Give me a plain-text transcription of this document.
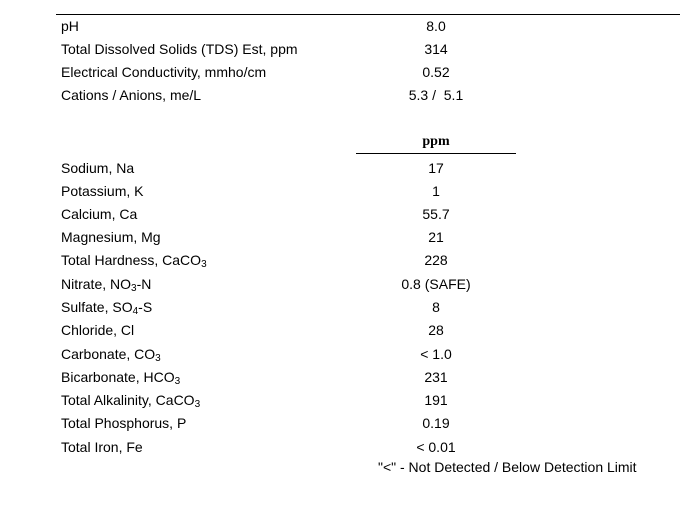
pH	8.0
Total Dissolved Solids (TDS) Est, ppm	314
Electrical Conductivity, mmho/cm	0.52
Cations / Anions, me/L	5.3 /  5.1
ppm
Sodium, Na	17
Potassium, K	1
Calcium, Ca	55.7
Magnesium, Mg	21
Total Hardness, CaCO$_3$	228
Nitrate, $NO_3-N$	0.8 (SAFE)
Sulfate, $SO_4-S$	8
Chloride, Cl	28
Carbonate, $CO_3$	< 1.0
Bicarbonate, $HCO_3$	231
Total Alkalinity, CaCO$_3$	191
Total Phosphorus, P	0.19
Total Iron, Fe	< 0.01
"<" - Not Detected / Below Detection Limit
